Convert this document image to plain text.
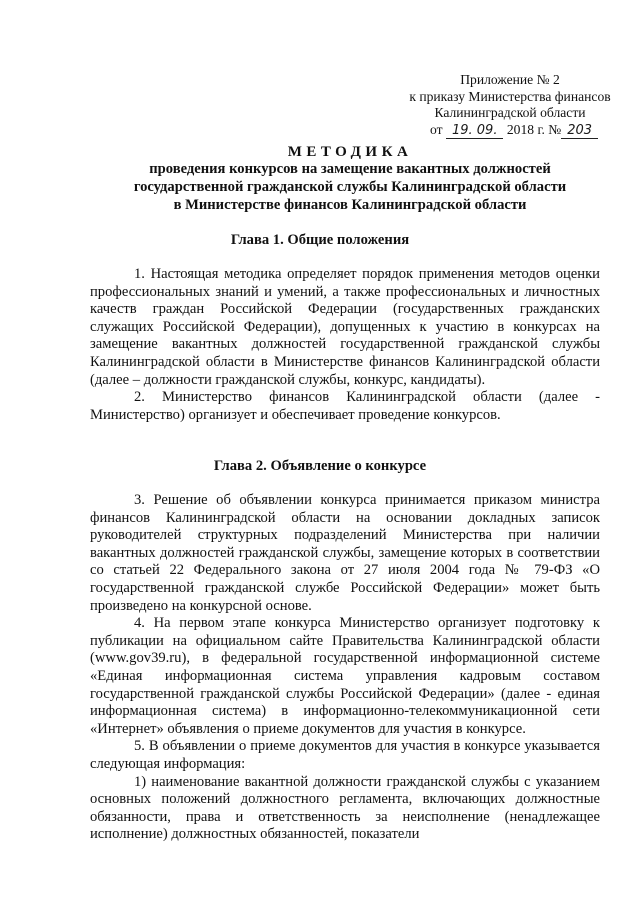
Приложение № 2
к приказу Министерства финансов
Калининградской области
от 19. 09. 2018 г. № 203
МЕТОДИКА
проведения конкурсов на замещение вакантных должностей
государственной гражданской службы Калининградской области
в Министерстве финансов Калининградской области
Глава 1. Общие положения

1. Настоящая методика определяет порядок применения методов оценки профессиональных знаний и умений, а также профессиональных и личностных качеств граждан Российской Федерации (государственных гражданских служащих Российской Федерации), допущенных к участию в конкурсах на замещение вакантных должностей государственной гражданской службы Калининградской области в Министерстве финансов Калининградской области (далее – должности гражданской службы, конкурс, кандидаты).

2. Министерство финансов Калининградской области (далее - Министерство) организует и обеспечивает проведение конкурсов.

Глава 2. Объявление о конкурсе

3. Решение об объявлении конкурса принимается приказом министра финансов Калининградской области на основании докладных записок руководителей структурных подразделений Министерства при наличии вакантных должностей гражданской службы, замещение которых в соответствии со статьей 22 Федерального закона от 27 июля 2004 года № 79-ФЗ «О государственной гражданской службе Российской Федерации» может быть произведено на конкурсной основе.

4. На первом этапе конкурса Министерство организует подготовку к публикации на официальном сайте Правительства Калининградской области (www.gov39.ru), в федеральной государственной информационной системе «Единая информационная система управления кадровым составом государственной гражданской службы Российской Федерации» (далее - единая информационная система) в информационно-телекоммуникационной сети «Интернет» объявления о приеме документов для участия в конкурсе.

5. В объявлении о приеме документов для участия в конкурсе указывается следующая информация:

1) наименование вакантной должности гражданской службы с указанием основных положений должностного регламента, включающих должностные обязанности, права и ответственность за неисполнение (ненадлежащее исполнение) должностных обязанностей, показатели
